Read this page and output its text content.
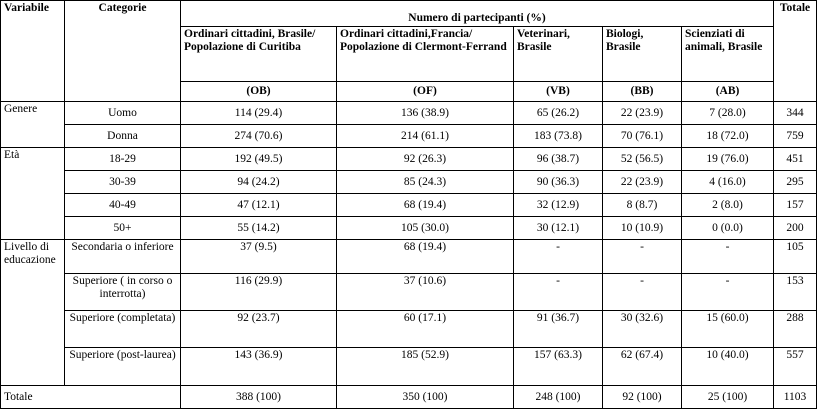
Variabile	Categorie	Numero di partecipanti (%)					Totale
		Ordinari cittadini, Brasile/ Popolazione di Curitiba	Ordinari cittadini,Francia/ Popolazione di Clermont-Ferrand	Veterinari, Brasile	Biologi, Brasile	Scienziati di animali, Brasile	
		(OB)	(OF)	(VB)	(BB)	(AB)	
Genere	Uomo	114 (29.4)	136 (38.9)	65 (26.2)	22 (23.9)	7 (28.0)	344
	Donna	274 (70.6)	214 (61.1)	183 (73.8)	70 (76.1)	18 (72.0)	759
Età	18-29	192 (49.5)	92 (26.3)	96 (38.7)	52 (56.5)	19 (76.0)	451
	30-39	94 (24.2)	85 (24.3)	90 (36.3)	22 (23.9)	4 (16.0)	295
	40-49	47 (12.1)	68 (19.4)	32 (12.9)	8 (8.7)	2 (8.0)	157
	50+	55 (14.2)	105 (30.0)	30 (12.1)	10 (10.9)	0 (0.0)	200
Livello di educazione	Secondaria o inferiore	37 (9.5)	68 (19.4)	-	-	-	105
	Superiore ( in corso o interrotta)	116 (29.9)	37 (10.6)	-	-	-	153
	Superiore (completata)	92 (23.7)	60 (17.1)	91 (36.7)	30 (32.6)	15 (60.0)	288
	Superiore (post-laurea)	143 (36.9)	185 (52.9)	157 (63.3)	62 (67.4)	10 (40.0)	557
Totale		388 (100)	350 (100)	248 (100)	92 (100)	25 (100)	1103
